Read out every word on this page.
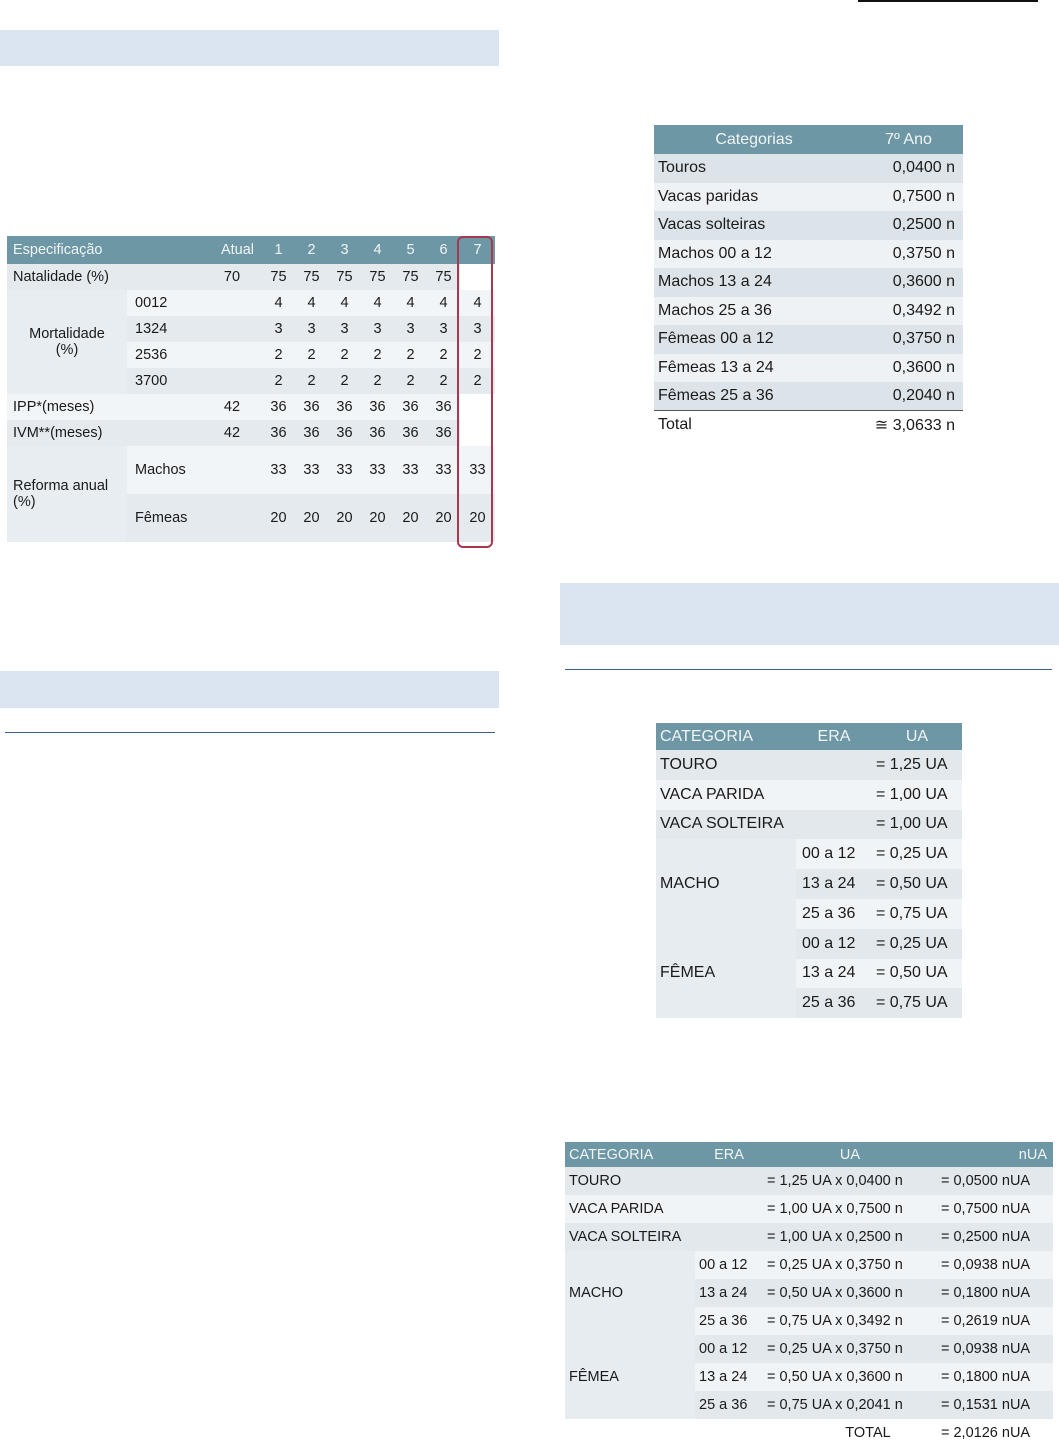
Especificação		Atual	1	2	3	4	5	6	7
Natalidade (%)		70	75	75	75	75	75	75	
Mortalidade (%)	0012		4	4	4	4	4	4	4
	1324		3	3	3	3	3	3	3
	2536		2	2	2	2	2	2	2
	3700		2	2	2	2	2	2	2
IPP*(meses)		42	36	36	36	36	36	36	
IVM**(meses)		42	36	36	36	36	36	36	
Reforma anual (%)	Machos		33	33	33	33	33	33	33
	Fêmeas		20	20	20	20	20	20	20
Categorias	7º Ano
Touros	0,0400 n
Vacas paridas	0,7500 n
Vacas solteiras	0,2500 n
Machos 00 a 12	0,3750 n
Machos 13 a 24	0,3600 n
Machos 25 a 36	0,3492 n
Fêmeas 00 a 12	0,3750 n
Fêmeas 13 a 24	0,3600 n
Fêmeas 25 a 36	0,2040 n
Total	≅ 3,0633 n
CATEGORIA	ERA	UA
TOURO		= 1,25 UA
VACA PARIDA		= 1,00 UA
VACA SOLTEIRA		= 1,00 UA
MACHO	00 a 12	= 0,25 UA
	13 a 24	= 0,50 UA
	25 a 36	= 0,75 UA
FÊMEA	00 a 12	= 0,25 UA
	13 a 24	= 0,50 UA
	25 a 36	= 0,75 UA
CATEGORIA	ERA	UA	nUA
TOURO		= 1,25 UA x 0,0400 n	= 0,0500 nUA
VACA PARIDA		= 1,00 UA x 0,7500 n	= 0,7500 nUA
VACA SOLTEIRA		= 1,00 UA x 0,2500 n	= 0,2500 nUA
MACHO	00 a 12	= 0,25 UA x 0,3750 n	= 0,0938 nUA
	13 a 24	= 0,50 UA x 0,3600 n	= 0,1800 nUA
	25 a 36	= 0,75 UA x 0,3492 n	= 0,2619 nUA
FÊMEA	00 a 12	= 0,25 UA x 0,3750 n	= 0,0938 nUA
	13 a 24	= 0,50 UA x 0,3600 n	= 0,1800 nUA
	25 a 36	= 0,75 UA x 0,2041 n	= 0,1531 nUA
		TOTAL	= 2,0126 nUA
